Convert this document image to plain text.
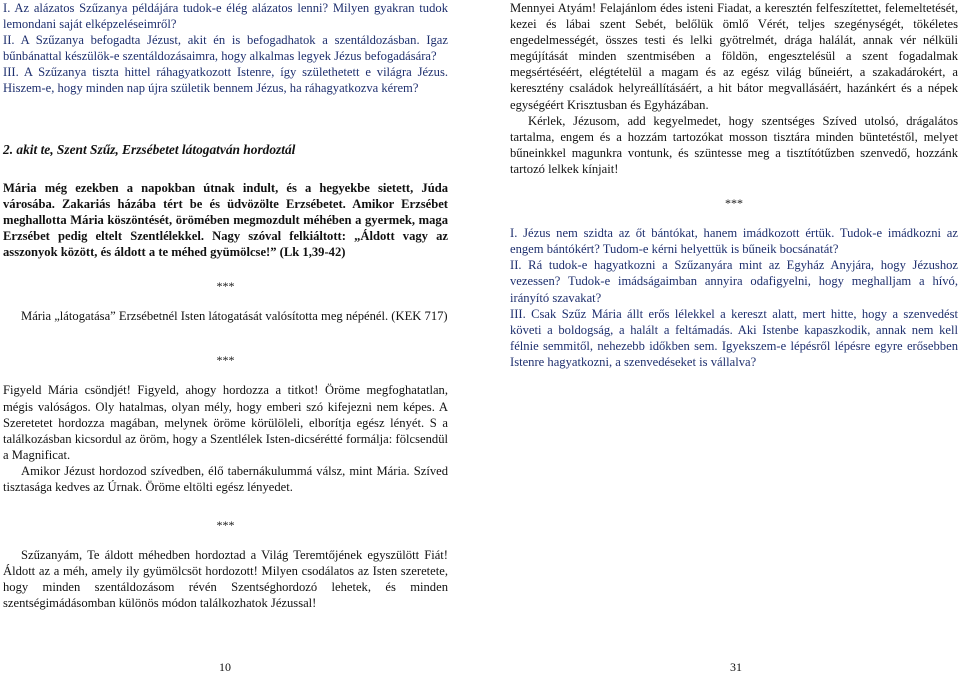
I. Az alázatos Szűzanya példájára tudok-e élég alázatos lenni? Milyen gyakran tudok lemondani saját elképzeléseimről?

II. A Szűzanya befogadta Jézust, akit én is befogadhatok a szentáldozásban. Igaz bűnbánattal készülök-e szentáldozásaimra, hogy alkalmas legyek Jézus befogadására?

III. A Szűzanya tiszta hittel ráhagyatkozott Istenre, így születhetett e világra Jézus. Hiszem-e, hogy minden nap újra születik bennem Jézus, ha ráhagyatkozva kérem?

2. akit te, Szent Szűz, Erzsébetet látogatván hordoztál

Mária még ezekben a napokban útnak indult, és a hegyekbe sietett, Júda városába. Zakariás házába tért be és üdvözölte Erzsébetet. Amikor Erzsébet meghallotta Mária köszöntését, örömében megmozdult méhében a gyermek, maga Erzsébet pedig eltelt Szentlélekkel. Nagy szóval felkiáltott: „Áldott vagy az asszonyok között, és áldott a te méhed gyümölcse!” (Lk 1,39-42)

***

Mária „látogatása” Erzsébetnél Isten látogatását valósította meg népénél. (KEK 717)

***

Figyeld Mária csöndjét! Figyeld, ahogy hordozza a titkot! Öröme megfoghatatlan, mégis valóságos. Oly hatalmas, olyan mély, hogy emberi szó kifejezni nem képes. A Szeretetet hordozza magában, melynek öröme körülöleli, elborítja egész lényét. S a találkozásban kicsordul az öröm, hogy a Szentlélek Isten-dicsérétté formálja: fölcsendül a Magnificat.

Amikor Jézust hordozod szívedben, élő tabernákulummá válsz, mint Mária. Szíved tisztasága kedves az Úrnak. Öröme eltölti egész lényedet.

***

Szűzanyám, Te áldott méhedben hordoztad a Világ Teremtőjének egyszülött Fiát! Áldott az a méh, amely ily gyümölcsöt hordozott! Milyen csodálatos az Isten szeretete, hogy minden szentáldozásom révén Szentséghordozó lehetek, és minden szentségimádásomban különös módon találkozhatok Jézussal!

10

Mennyei Atyám! Felajánlom édes isteni Fiadat, a keresztén felfeszítettet, felemeltetését, kezei és lábai szent Sebét, belőlük ömlő Vérét, teljes szegénységét, tökéletes engedelmességét, összes testi és lelki gyötrelmét, drága halálát, annak vér nélküli megújítását minden szentmisében a földön, engesztelésül a szent fogadalmak megsértéséért, elégtételül a magam és az egész világ bűneiért, a szakadárokért, a keresztény családok helyreállításáért, a hit bátor megvallásáért, hazánkért és a népek egységéért Krisztusban és Egyházában.

Kérlek, Jézusom, add kegyelmedet, hogy szentséges Szíved utolsó, drágalátos tartalma, engem és a hozzám tartozókat mosson tisztára minden büntetéstől, melyet bűneinkkel magunkra vontunk, és szüntesse meg a tisztítótűzben szenvedő, hozzánk tartozó lelkek kínjait!

***

I. Jézus nem szidta az őt bántókat, hanem imádkozott értük. Tudok-e imádkozni az engem bántókért? Tudom-e kérni helyettük is bűneik bocsánatát?

II. Rá tudok-e hagyatkozni a Szűzanyára mint az Egyház Anyjára, hogy Jézushoz vezessen? Tudok-e imádságaimban annyira odafigyelni, hogy meghalljam a hívó, irányító szavakat?

III. Csak Szűz Mária állt erős lélekkel a kereszt alatt, mert hitte, hogy a szenvedést követi a boldogság, a halált a feltámadás. Aki Istenbe kapaszkodik, annak nem kell félnie semmitől, nehezebb időkben sem. Igyekszem-e lépésről lépésre egyre erősebben Istenre hagyatkozni, a szenvedéseket is vállalva?

31
